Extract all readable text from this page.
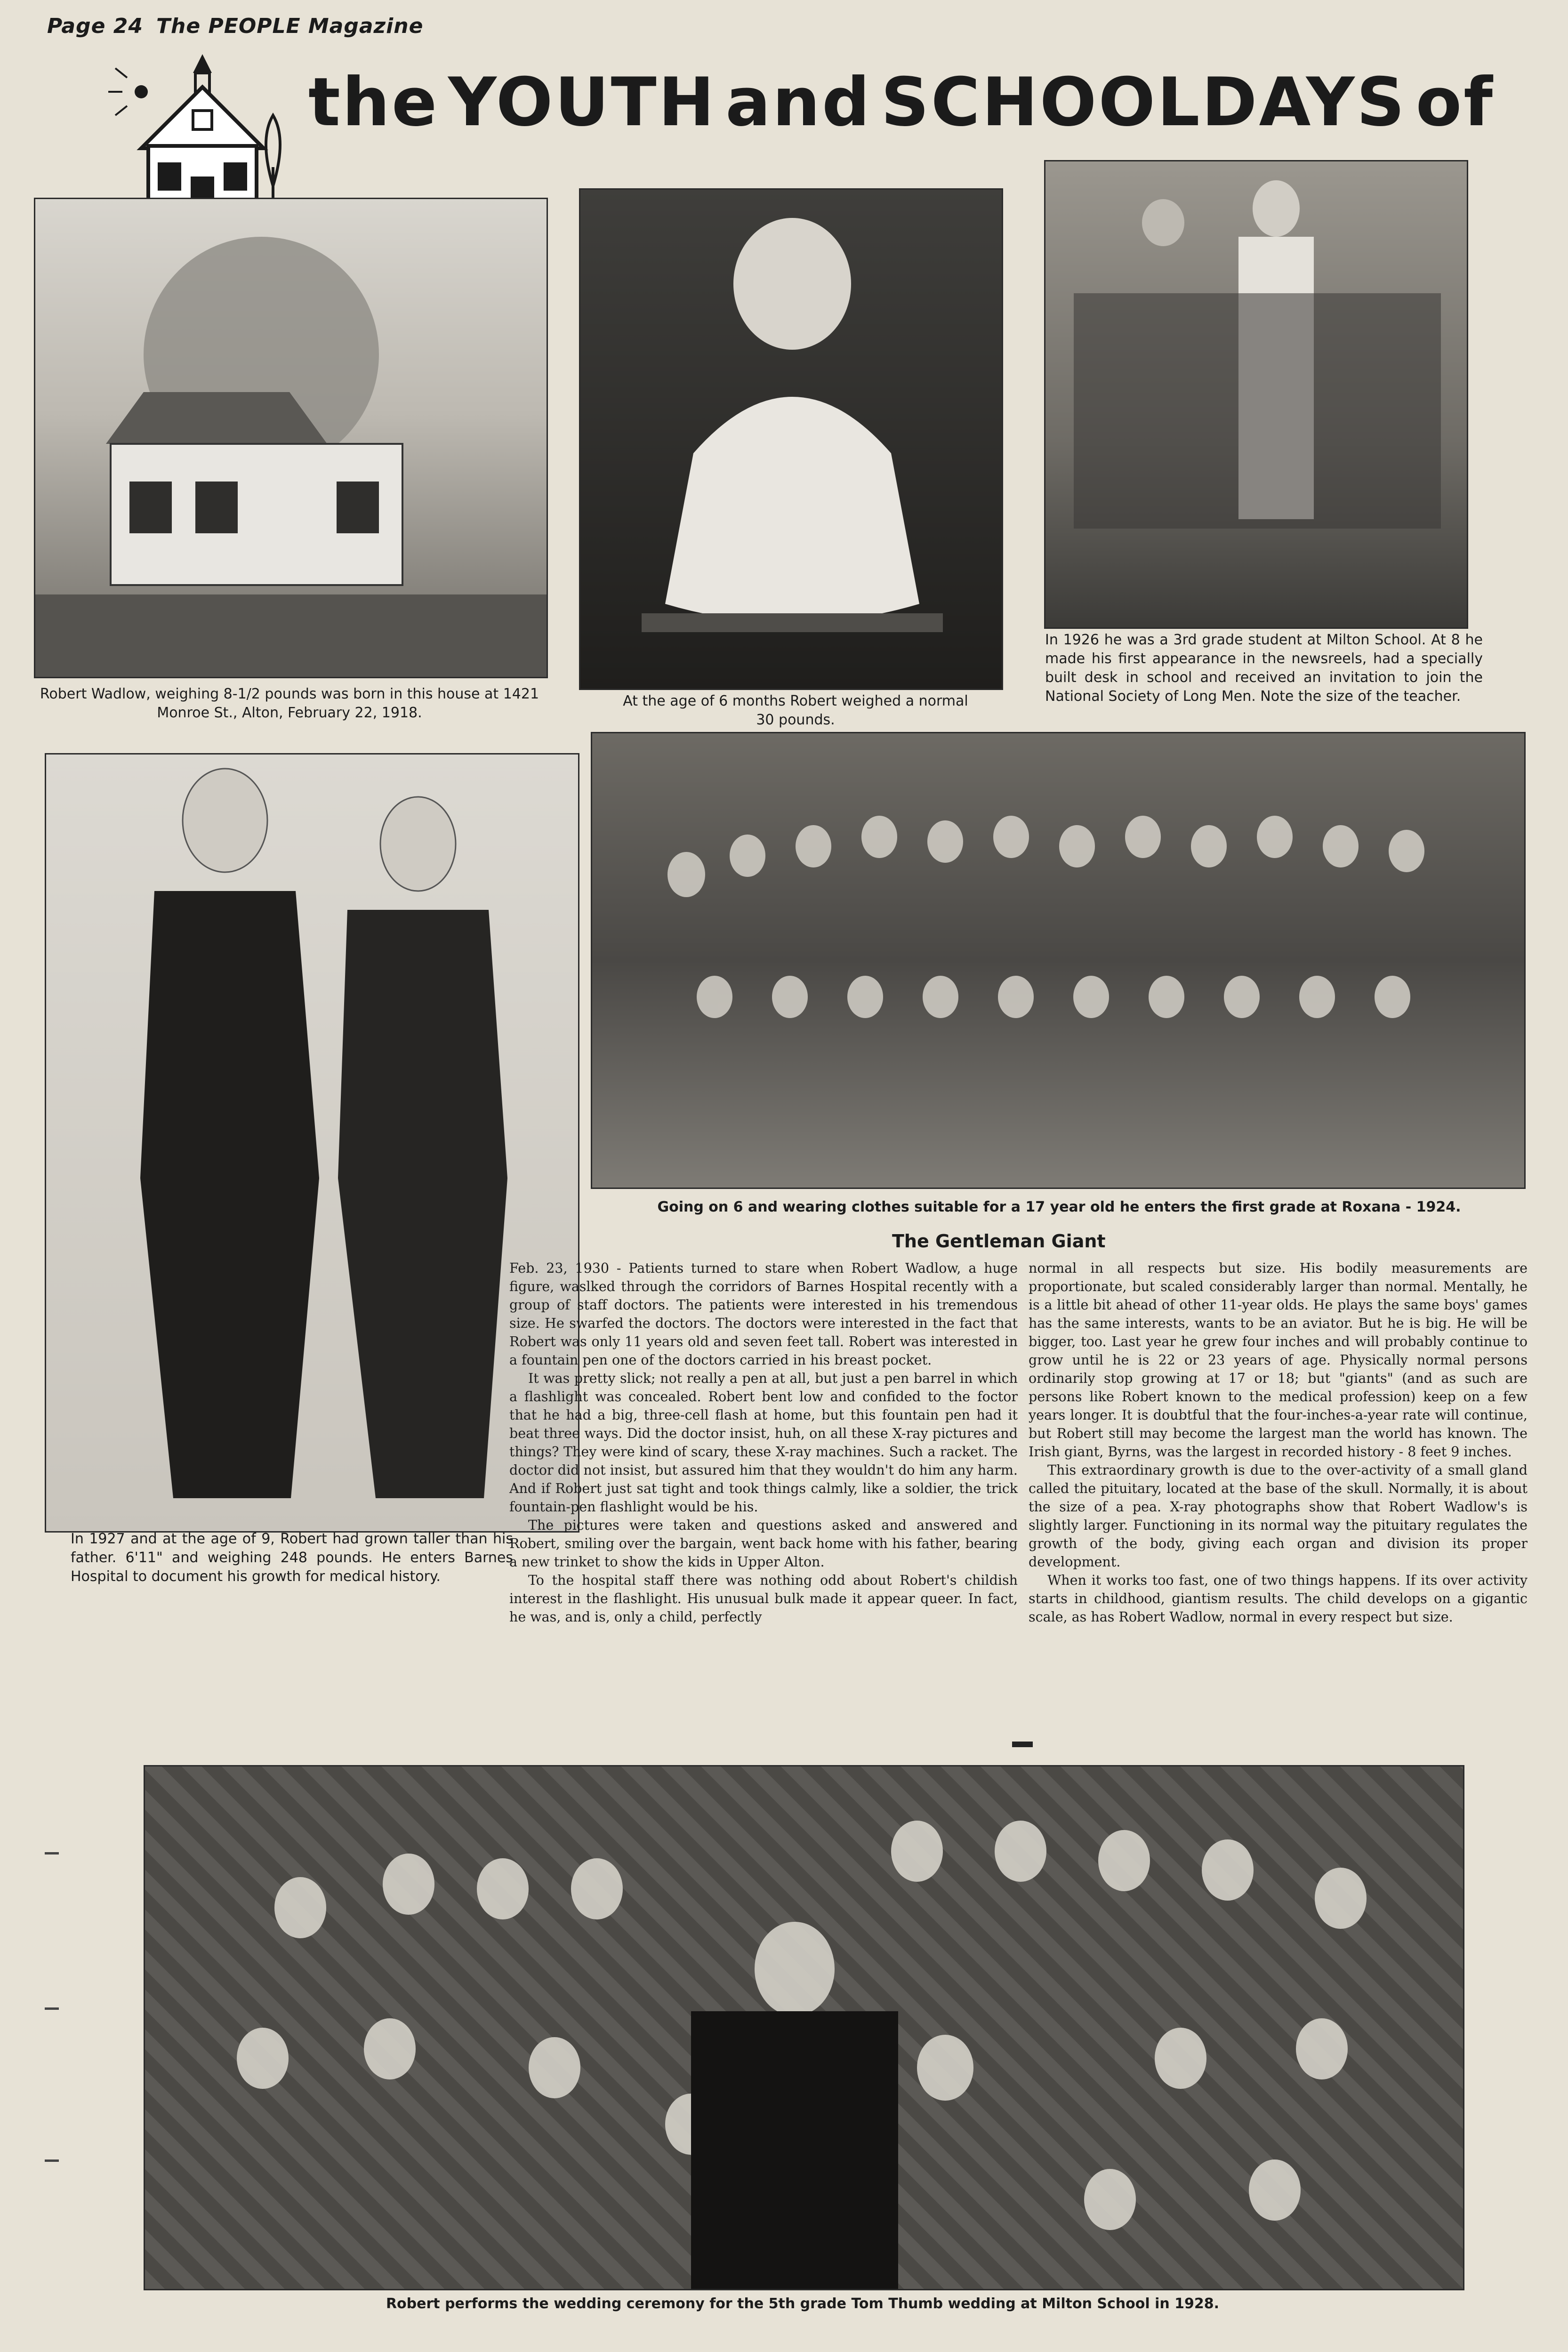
Page 24 The PEOPLE Magazine
the YOUTH and SCHOOLDAYS of
Robert Wadlow, weighing 8-1/2 pounds was born in this house at 1421 Monroe St., Alton, February 22, 1918.
At the age of 6 months Robert weighed a normal 30 pounds.
In 1926 he was a 3rd grade student at Milton School. At 8 he made his first appearance in the newsreels, had a specially built desk in school and received an invitation to join the National Society of Long Men. Note the size of the teacher.
In 1927 and at the age of 9, Robert had grown taller than his father. 6'11" and weighing 248 pounds. He enters Barnes Hospital to document his growth for medical history.
Going on 6 and wearing clothes suitable for a 17 year old he enters the first grade at Roxana - 1924.
The Gentleman Giant

Feb. 23, 1930 - Patients turned to stare when Robert Wadlow, a huge figure, waslked through the corridors of Barnes Hospital recently with a group of staff doctors. The patients were interested in his tremendous size. He swarfed the doctors. The doctors were interested in the fact that Robert was only 11 years old and seven feet tall. Robert was interested in a fountain pen one of the doctors carried in his breast pocket.

It was pretty slick; not really a pen at all, but just a pen barrel in which a flashlight was concealed. Robert bent low and confided to the foctor that he had a big, three-cell flash at home, but this fountain pen had it beat three ways. Did the doctor insist, huh, on all these X-ray pictures and things? They were kind of scary, these X-ray machines. Such a racket. The doctor did not insist, but assured him that they wouldn't do him any harm. And if Robert just sat tight and took things calmly, like a soldier, the trick fountain-pen flashlight would be his.

The pictures were taken and questions asked and answered and Robert, smiling over the bargain, went back home with his father, bearing a new trinket to show the kids in Upper Alton.

To the hospital staff there was nothing odd about Robert's childish interest in the flashlight. His unusual bulk made it appear queer. In fact, he was, and is, only a child, perfectly

normal in all respects but size. His bodily measurements are proportionate, but scaled considerably larger than normal. Mentally, he is a little bit ahead of other 11-year olds. He plays the same boys' games has the same interests, wants to be an aviator. But he is big. He will be bigger, too. Last year he grew four inches and will probably continue to grow until he is 22 or 23 years of age. Physically normal persons ordinarily stop growing at 17 or 18; but "giants" (and as such are persons like Robert known to the medical profession) keep on a few years longer. It is doubtful that the four-inches-a-year rate will continue, but Robert still may become the largest man the world has known. The Irish giant, Byrns, was the largest in recorded history - 8 feet 9 inches.

This extraordinary growth is due to the over-activity of a small gland called the pituitary, located at the base of the skull. Normally, it is about the size of a pea. X-ray photographs show that Robert Wadlow's is slightly larger. Functioning in its normal way the pituitary regulates the growth of the body, giving each organ and division its proper development.

When it works too fast, one of two things happens. If its over activity starts in childhood, giantism results. The child develops on a gigantic scale, as has Robert Wadlow, normal in every respect but size.

Robert performs the wedding ceremony for the 5th grade Tom Thumb wedding at Milton School in 1928.
